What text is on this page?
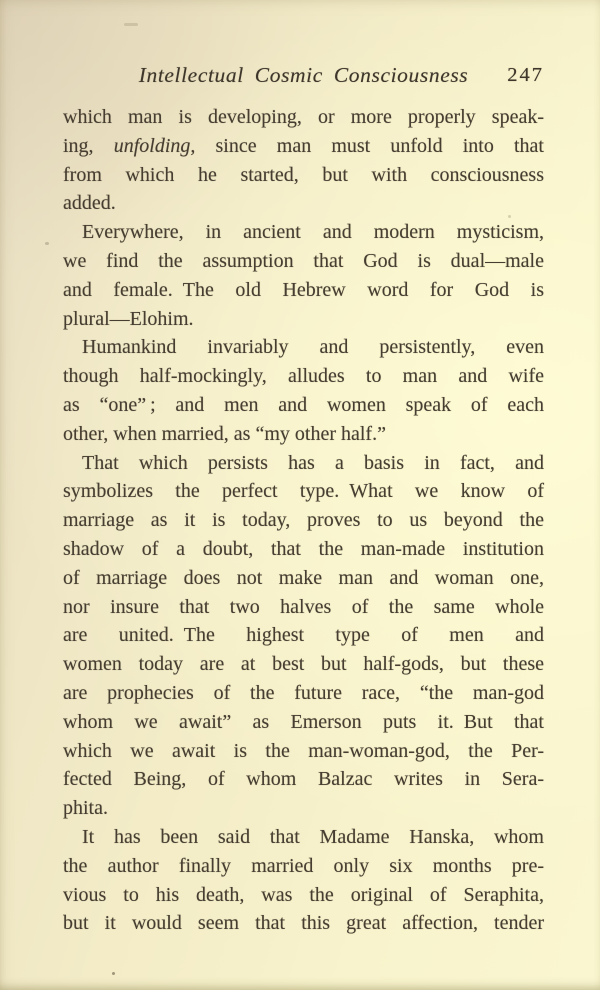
Intellectual Cosmic Consciousness	247
which man is developing, or more properly speak-
ing, unfolding, since man must unfold into that
from which he started, but with consciousness
added.
Everywhere, in ancient and modern mysticism,
we find the assumption that God is dual—male
and female. The old Hebrew word for God is
plural—Elohim.
Humankind invariably and persistently, even
though half-mockingly, alludes to man and wife
as “one” ; and men and women speak of each
other, when married, as “my other half.”
That which persists has a basis in fact, and
symbolizes the perfect type. What we know of
marriage as it is today, proves to us beyond the
shadow of a doubt, that the man-made institution
of marriage does not make man and woman one,
nor insure that two halves of the same whole
are united. The highest type of men and
women today are at best but half-gods, but these
are prophecies of the future race, “the man-god
whom we await” as Emerson puts it. But that
which we await is the man-woman-god, the Per-
fected Being, of whom Balzac writes in Sera-
phita.
It has been said that Madame Hanska, whom
the author finally married only six months pre-
vious to his death, was the original of Seraphita,
but it would seem that this great affection, tender
